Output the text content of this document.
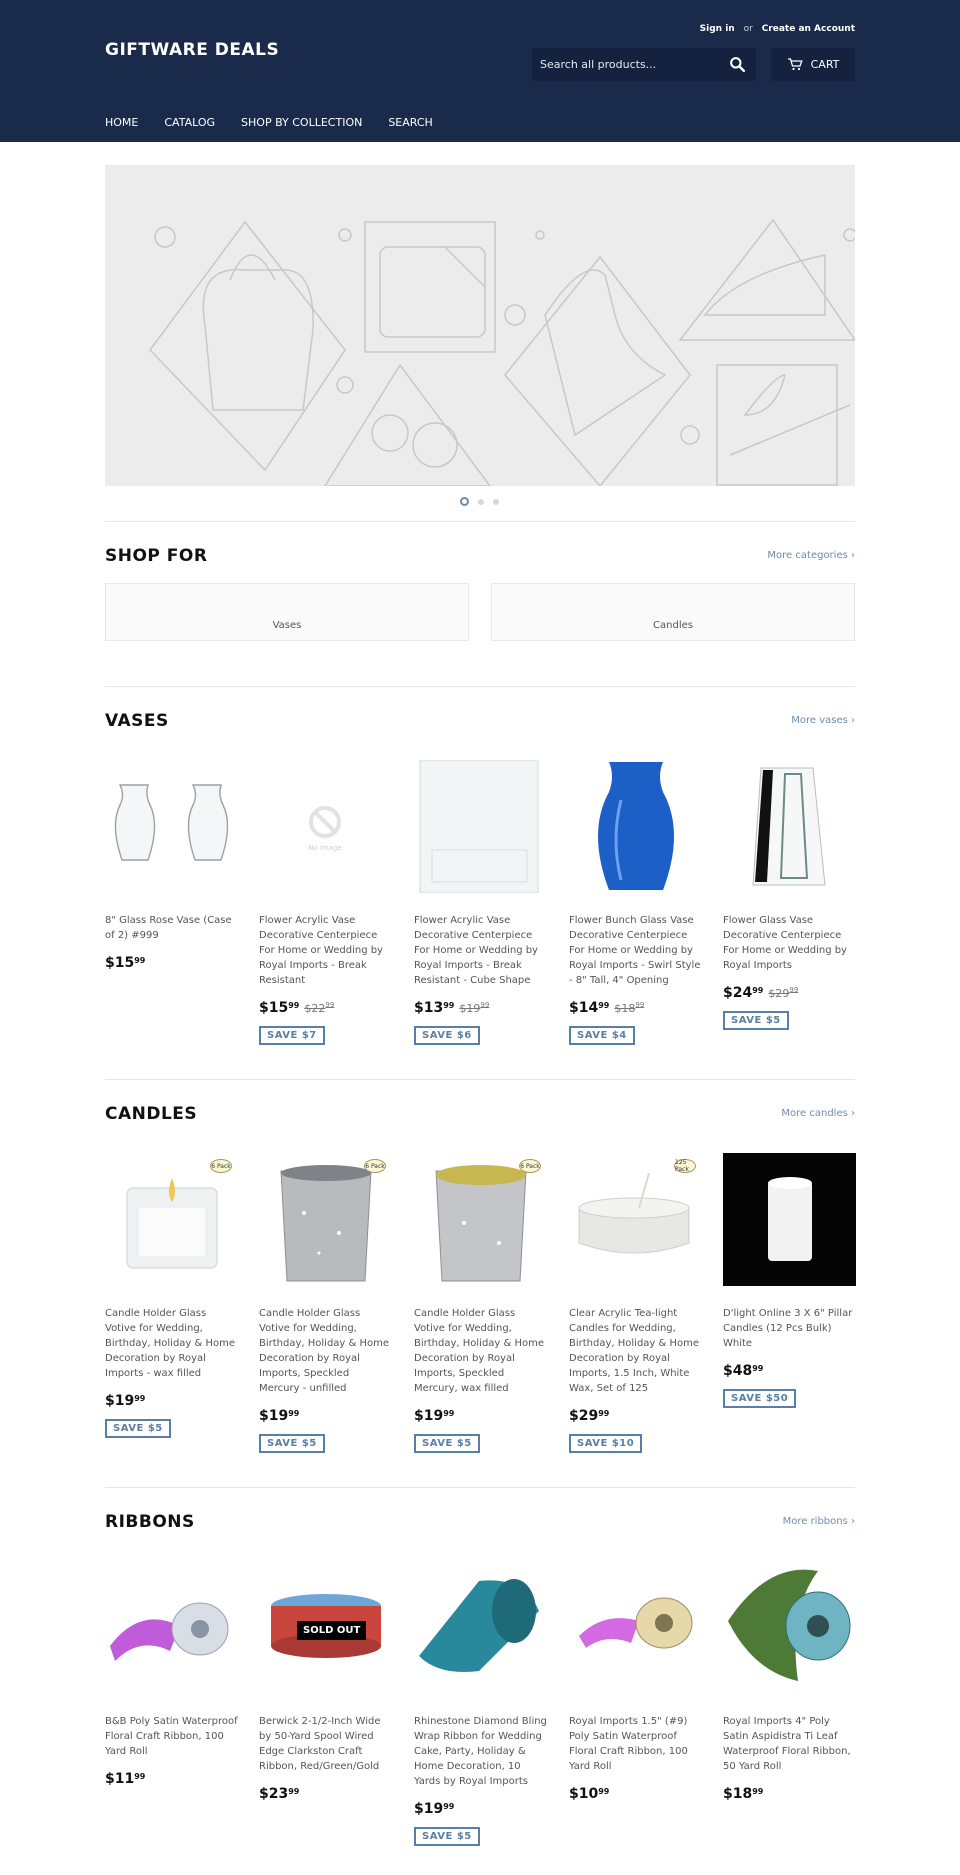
GIFTWARE DEALS
Sign in or Create an Account
Search all products...
CART
HOME CATALOG SHOP BY COLLECTION SEARCH
SHOP FOR	More categories ›
Vases	Candles
VASES	More vases ›
8" Glass Rose Vase (Case of 2) #999
$\$15^{99}$
No image
Flower Acrylic Vase Decorative Centerpiece For Home or Wedding by Royal Imports - Break Resistant
$\$15^{99}$ $\$22^{99}$
SAVE $7
Flower Acrylic Vase Decorative Centerpiece For Home or Wedding by Royal Imports - Break Resistant - Cube Shape
$\$13^{99}$ $\$19^{99}$
SAVE $6
Flower Bunch Glass Vase Decorative Centerpiece For Home or Wedding by Royal Imports - Swirl Style - 8" Tall, 4" Opening
$\$14^{99}$ $\$18^{99}$
SAVE $4
Flower Glass Vase Decorative Centerpiece For Home or Wedding by Royal Imports
$\$24^{99}$ $\$29^{99}$
SAVE $5
CANDLES	More candles ›
6 Pack
Candle Holder Glass Votive for Wedding, Birthday, Holiday & Home Decoration by Royal Imports - wax filled
$\$19^{99}$
SAVE $5
6 Pack
Candle Holder Glass Votive for Wedding, Birthday, Holiday & Home Decoration by Royal Imports, Speckled Mercury - unfilled
$\$19^{99}$
SAVE $5
6 Pack
Candle Holder Glass Votive for Wedding, Birthday, Holiday & Home Decoration by Royal Imports, Speckled Mercury, wax filled
$\$19^{99}$
SAVE $5
125 Pack
Clear Acrylic Tea-light Candles for Wedding, Birthday, Holiday & Home Decoration by Royal Imports, 1.5 Inch, White Wax, Set of 125
$\$29^{99}$
SAVE $10
D'light Online 3 X 6" Pillar Candles (12 Pcs Bulk) White
$\$48^{99}$
SAVE $50
RIBBONS	More ribbons ›
B&B Poly Satin Waterproof Floral Craft Ribbon, 100 Yard Roll
$\$11^{99}$
SOLD OUT
Berwick 2-1/2-Inch Wide by 50-Yard Spool Wired Edge Clarkston Craft Ribbon, Red/Green/Gold
$\$23^{99}$
Rhinestone Diamond Bling Wrap Ribbon for Wedding Cake, Party, Holiday & Home Decoration, 10 Yards by Royal Imports
$\$19^{99}$
SAVE $5
Royal Imports 1.5" (#9) Poly Satin Waterproof Floral Craft Ribbon, 100 Yard Roll
$\$10^{99}$
Royal Imports 4" Poly Satin Aspidistra Ti Leaf Waterproof Floral Ribbon, 50 Yard Roll
$\$18^{99}$
